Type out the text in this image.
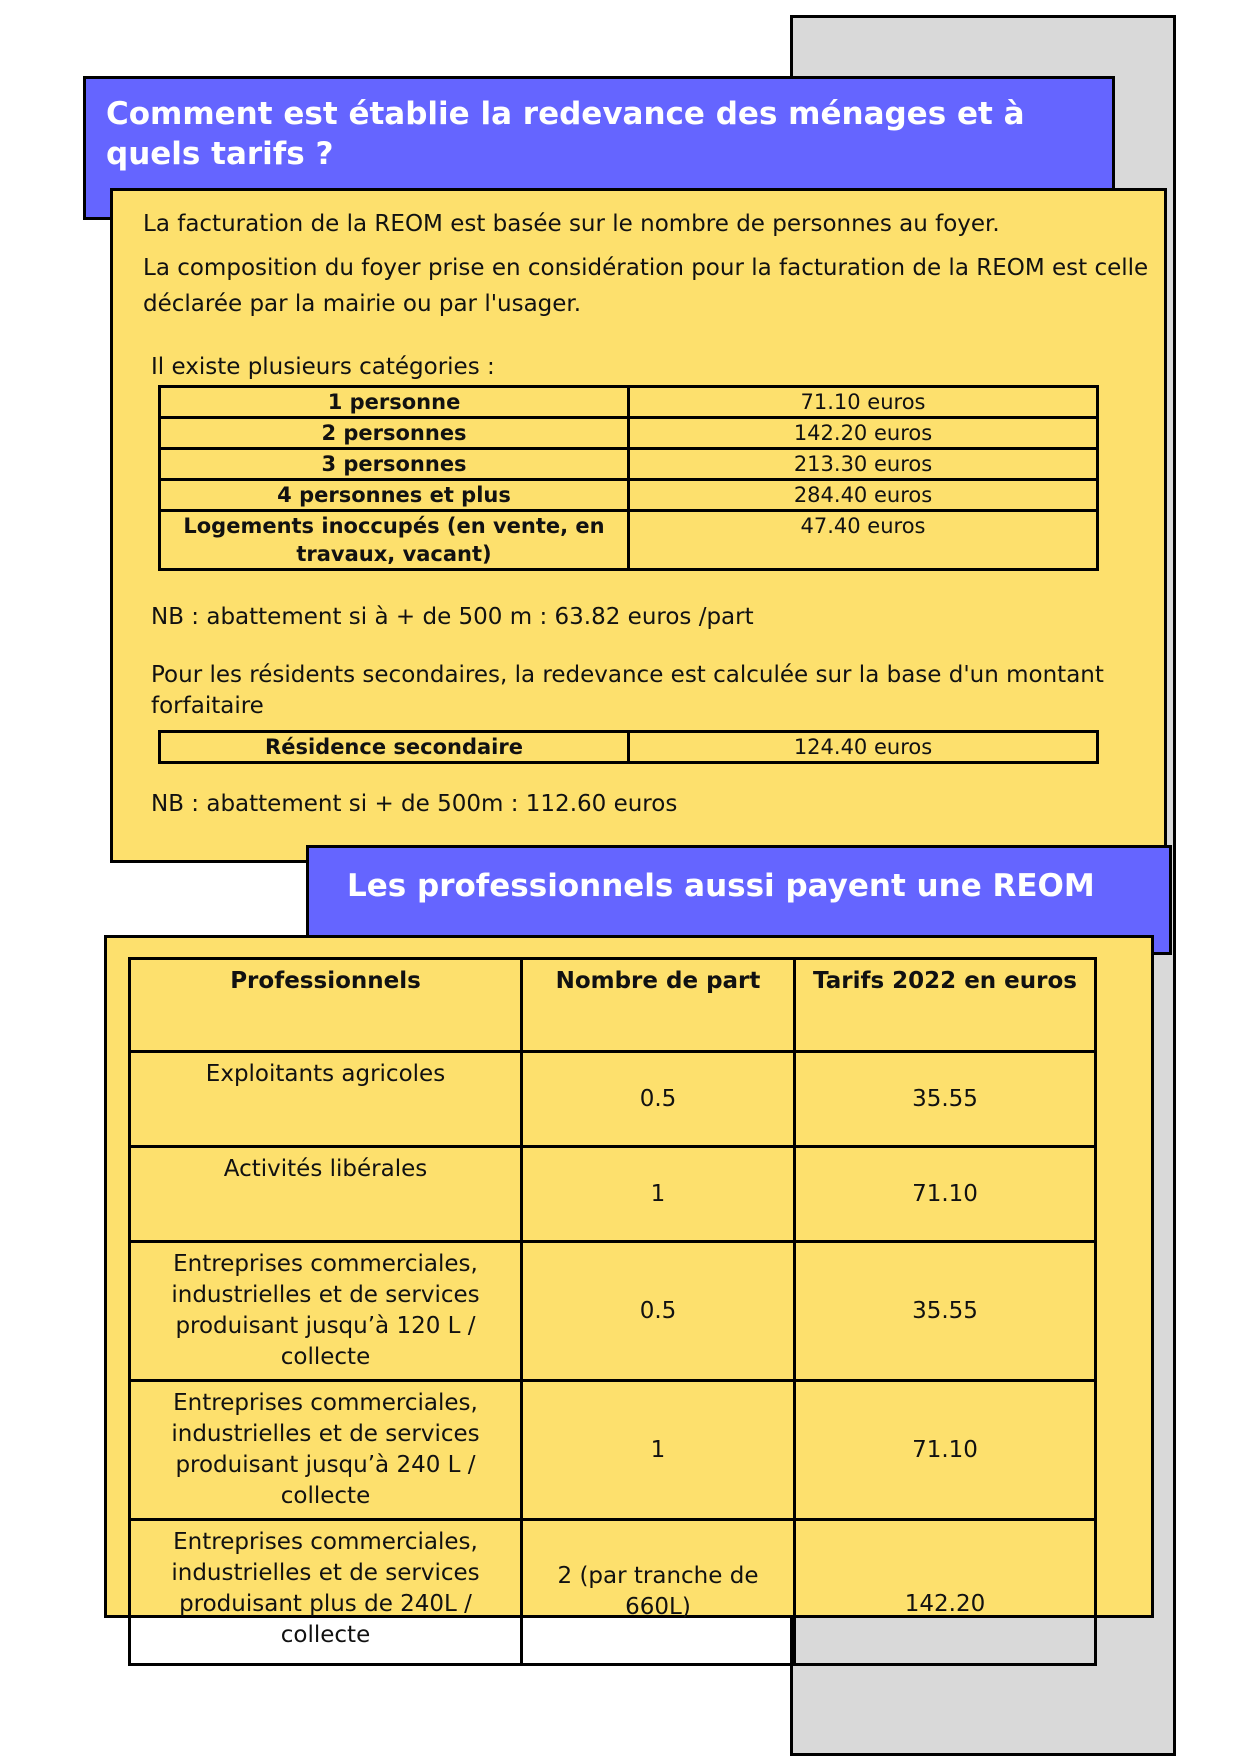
Comment est établie la redevance des ménages et à quels tarifs ?

La facturation de la REOM est basée sur le nombre de personnes au foyer.

La composition du foyer prise en considération pour la facturation de la REOM est celle déclarée par la mairie ou par l'usager.

Il existe plusieurs catégories :

1 personne	71.10 euros
2 personnes	142.20 euros
3 personnes	213.30 euros
4 personnes et plus	284.40 euros
Logements inoccupés (en vente, en travaux, vacant)	47.40 euros

NB : abattement si à + de 500 m : 63.82 euros /part

Pour les résidents secondaires, la redevance est calculée sur la base d'un montant forfaitaire

Résidence secondaire	124.40 euros

NB : abattement si + de 500m : 112.60 euros

Les professionnels aussi payent une REOM
Professionnels	Nombre de part	Tarifs 2022 en euros
Exploitants agricoles	0.5	35.55
Activités libérales	1	71.10
Entreprises commerciales, industrielles et de services produisant jusqu’à 120 L / collecte	0.5	35.55
Entreprises commerciales, industrielles et de services produisant jusqu’à 240 L / collecte	1	71.10
Entreprises commerciales, industrielles et de services produisant plus de 240L / collecte	2 (par tranche de 660L)	142.20
